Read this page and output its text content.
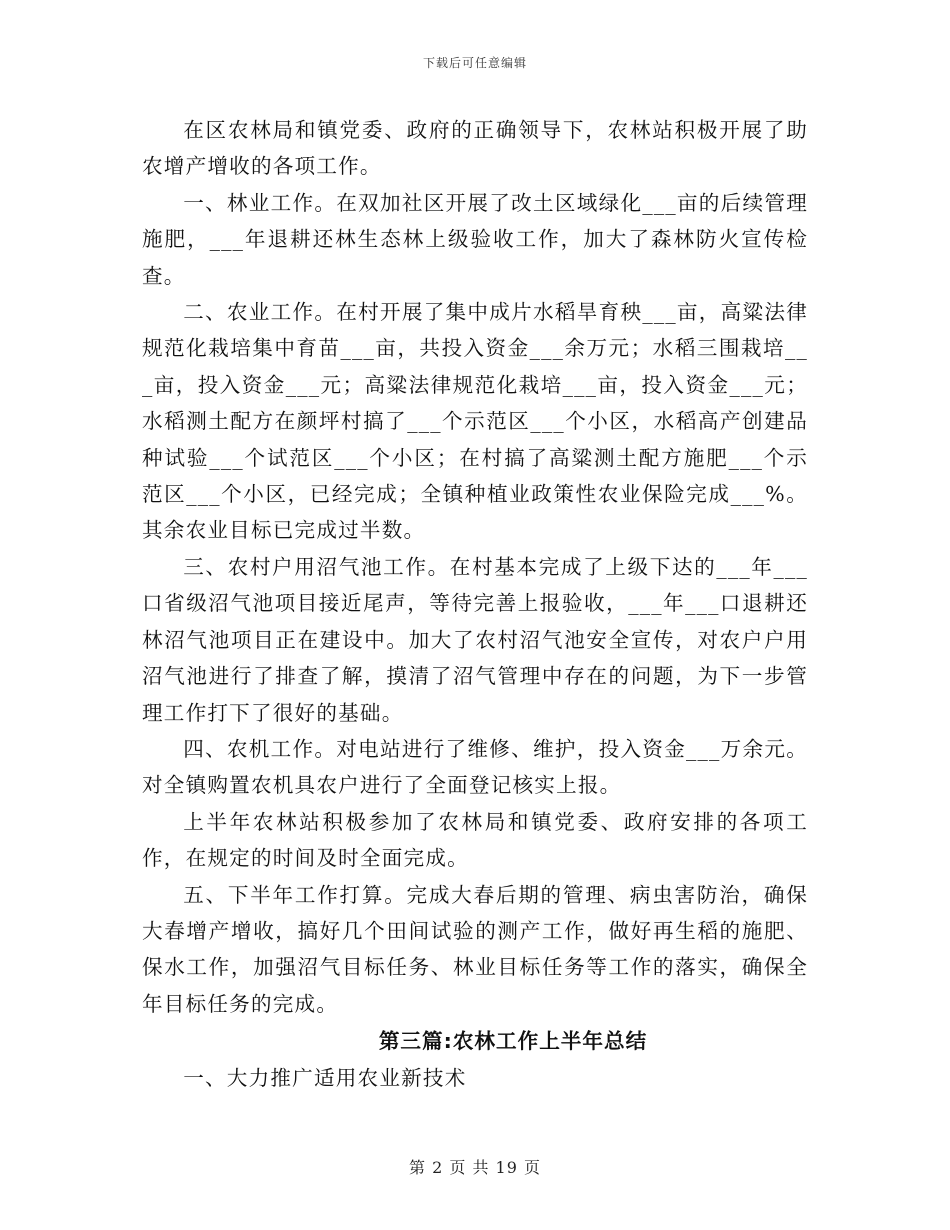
下载后可任意编辑

在区农林局和镇党委、政府的正确领导下，农林站积极开展了助农增产增收的各项工作。

一、林业工作。在双加社区开展了改土区域绿化___亩的后续管理施肥，___年退耕还林生态林上级验收工作，加大了森林防火宣传检查。

二、农业工作。在村开展了集中成片水稻旱育秧___亩，高粱法律规范化栽培集中育苗___亩，共投入资金___余万元；水稻三围栽培___亩，投入资金___元；高粱法律规范化栽培___亩，投入资金___元；水稻测土配方在颜坪村搞了___个示范区___个小区，水稻高产创建品种试验___个试范区___个小区；在村搞了高粱测土配方施肥___个示范区___个小区，已经完成；全镇种植业政策性农业保险完成___%。其余农业目标已完成过半数。

三、农村户用沼气池工作。在村基本完成了上级下达的___年___口省级沼气池项目接近尾声，等待完善上报验收，___年___口退耕还林沼气池项目正在建设中。加大了农村沼气池安全宣传，对农户户用沼气池进行了排查了解，摸清了沼气管理中存在的问题，为下一步管理工作打下了很好的基础。

四、农机工作。对电站进行了维修、维护，投入资金___万余元。对全镇购置农机具农户进行了全面登记核实上报。

上半年农林站积极参加了农林局和镇党委、政府安排的各项工作，在规定的时间及时全面完成。

五、下半年工作打算。完成大春后期的管理、病虫害防治，确保大春增产增收，搞好几个田间试验的测产工作，做好再生稻的施肥、保水工作，加强沼气目标任务、林业目标任务等工作的落实，确保全年目标任务的完成。

第三篇:农林工作上半年总结

一、大力推广适用农业新技术

第 2 页 共 19 页
